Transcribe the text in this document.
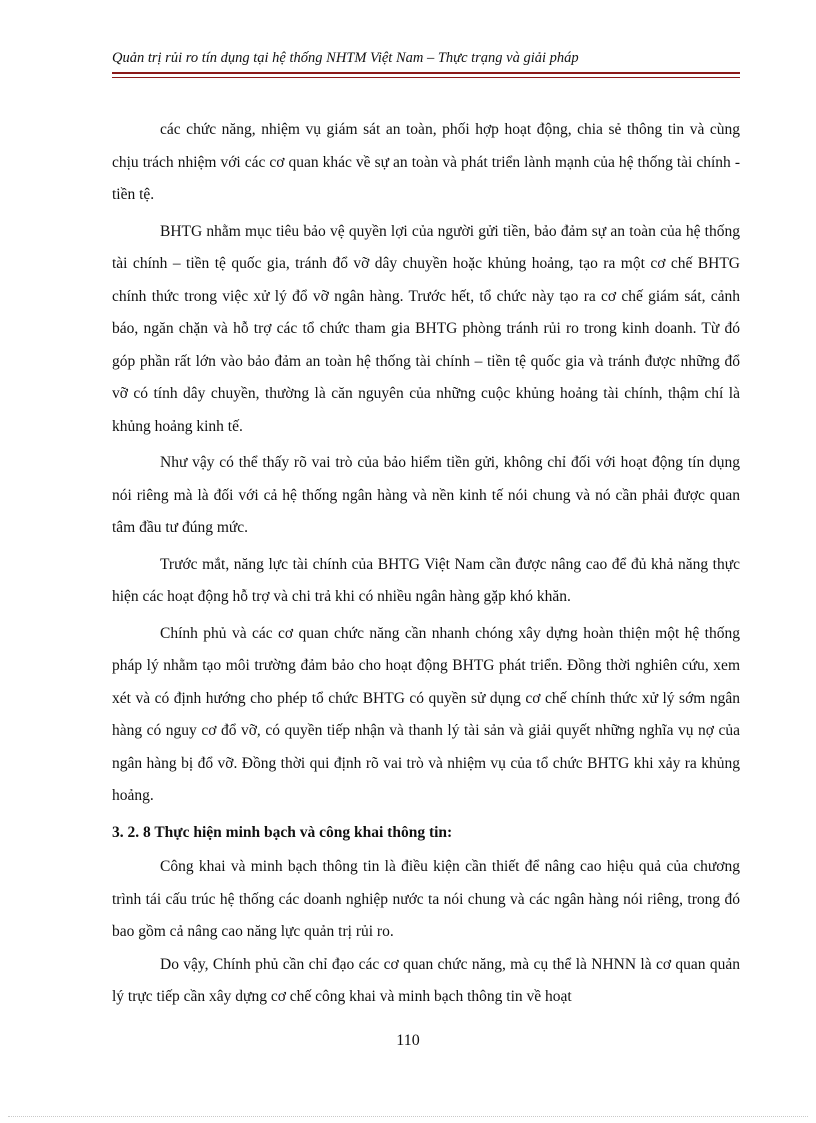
Quản trị rủi ro tín dụng tại hệ thống NHTM Việt Nam – Thực trạng và giải pháp

các chức năng, nhiệm vụ giám sát an toàn, phối hợp hoạt động, chia sẻ thông tin và cùng chịu trách nhiệm với các cơ quan khác về sự an toàn và phát triển lành mạnh của hệ thống tài chính - tiền tệ.

BHTG nhằm mục tiêu bảo vệ quyền lợi của người gửi tiền, bảo đảm sự an toàn của hệ thống tài chính – tiền tệ quốc gia, tránh đổ vỡ dây chuyền hoặc khủng hoảng, tạo ra một cơ chế BHTG chính thức trong việc xử lý đổ vỡ ngân hàng. Trước hết, tổ chức này tạo ra cơ chế giám sát, cảnh báo, ngăn chặn và hỗ trợ các tổ chức tham gia BHTG phòng tránh rủi ro trong kinh doanh. Từ đó góp phần rất lớn vào bảo đảm an toàn hệ thống tài chính – tiền tệ quốc gia và tránh được những đổ vỡ có tính dây chuyền, thường là căn nguyên của những cuộc khủng hoảng tài chính, thậm chí là khủng hoảng kinh tế.

Như vậy có thể thấy rõ vai trò của bảo hiểm tiền gửi, không chỉ đối với hoạt động tín dụng nói riêng mà là đối với cả hệ thống ngân hàng và nền kinh tế nói chung và nó cần phải được quan tâm đầu tư đúng mức.

Trước mắt, năng lực tài chính của BHTG Việt Nam cần được nâng cao để đủ khả năng thực hiện các hoạt động hỗ trợ và chi trả khi có nhiều ngân hàng gặp khó khăn.

Chính phủ và các cơ quan chức năng cần nhanh chóng xây dựng hoàn thiện một hệ thống pháp lý nhằm tạo môi trường đảm bảo cho hoạt động BHTG phát triển. Đồng thời nghiên cứu, xem xét và có định hướng cho phép tổ chức BHTG có quyền sử dụng cơ chế chính thức xử lý sớm ngân hàng có nguy cơ đổ vỡ, có quyền tiếp nhận và thanh lý tài sản và giải quyết những nghĩa vụ nợ của ngân hàng bị đổ vỡ. Đồng thời qui định rõ vai trò và nhiệm vụ của tổ chức BHTG khi xảy ra khủng hoảng.

3. 2. 8 Thực hiện minh bạch và công khai thông tin:

Công khai và minh bạch thông tin là điều kiện cần thiết để nâng cao hiệu quả của chương trình tái cấu trúc hệ thống các doanh nghiệp nước ta nói chung và các ngân hàng nói riêng, trong đó bao gồm cả nâng cao năng lực quản trị rủi ro.

Do vậy, Chính phủ cần chỉ đạo các cơ quan chức năng, mà cụ thể là NHNN là cơ quan quản lý trực tiếp cần xây dựng cơ chế công khai và minh bạch thông tin về hoạt

110
